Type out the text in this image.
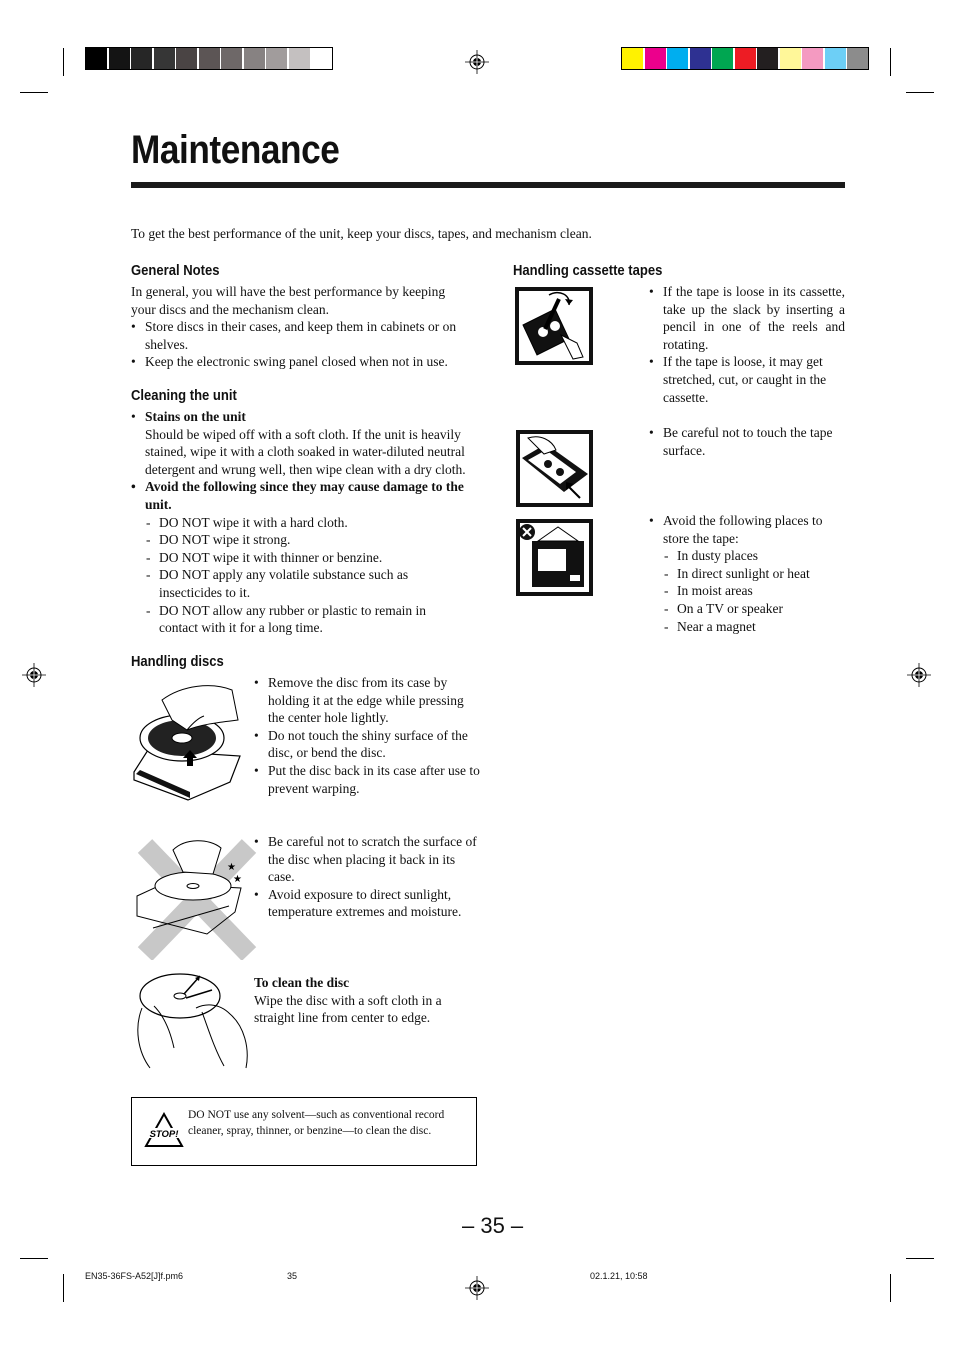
Maintenance
To get the best performance of the unit, keep your discs, tapes, and mechanism clean.
General Notes

In general, you will have the best performance by keeping

your discs and the mechanism clean.

• Store discs in their cases, and keep them in cabinets or on shelves.
• Keep the electronic swing panel closed when not in use.
Cleaning the unit
• Stains on the unit
Should be wiped off with a soft cloth. If the unit is heavily stained, wipe it with a cloth soaked in water-diluted neutral detergent and wrung well, then wipe clean with a dry cloth.
• Avoid the following since they may cause damage to the unit.
- DO NOT wipe it with a hard cloth.
- DO NOT wipe it strong.
- DO NOT wipe it with thinner or benzine.
- DO NOT apply any volatile substance such as insecticides to it.
- DO NOT allow any rubber or plastic to remain in contact with it for a long time.
Handling discs
• Remove the disc from its case by holding it at the edge while pressing the center hole lightly.
• Do not touch the shiny surface of the disc, or bend the disc.
• Put the disc back in its case after use to prevent warping.
★
★
• Be careful not to scratch the surface of the disc when placing it back in its case.
• Avoid exposure to direct sunlight, temperature extremes and moisture.

To clean the disc

Wipe the disc with a soft cloth in a straight line from center to edge.

STOP!
DO NOT use any solvent—such as conventional record cleaner, spray, thinner, or benzine—to clean the disc.
Handling cassette tapes
• If the tape is loose in its cassette, take up the slack by inserting a pencil in one of the reels and rotating.
• If the tape is loose, it may get stretched, cut, or caught in the cassette.
• Be careful not to touch the tape surface.
• Avoid the following places to store the tape:
- In dusty places
- In direct sunlight or heat
- In moist areas
- On a TV or speaker
- Near a magnet
– 35 –
EN35-36FS-A52[J]f.pm6	35	02.1.21, 10:58
